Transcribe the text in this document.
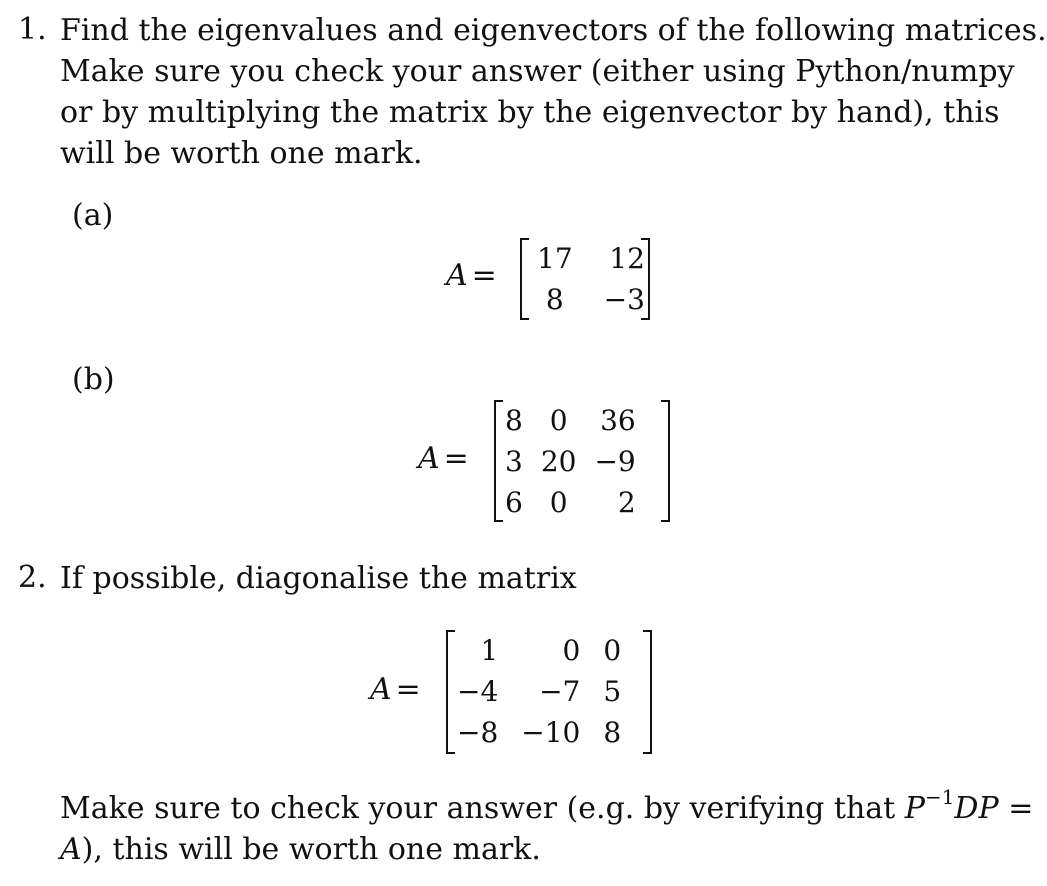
1. Find the eigenvalues and eigenvectors of the following matrices.
Make sure you check your answer (either using Python/numpy
or by multiplying the matrix by the eigenvector by hand), this
will be worth one mark.
(a)
A = 17	12
8	−3
(b)
A =
8	0	36
3	20	−9
6	0	2
2. If possible, diagonalise the matrix
A =
1	0	0
−4	−7	5
−8	−10	8
Make sure to check your answer (e.g. by verifying that $P^{-1}DP$ =
A), this will be worth one mark.
